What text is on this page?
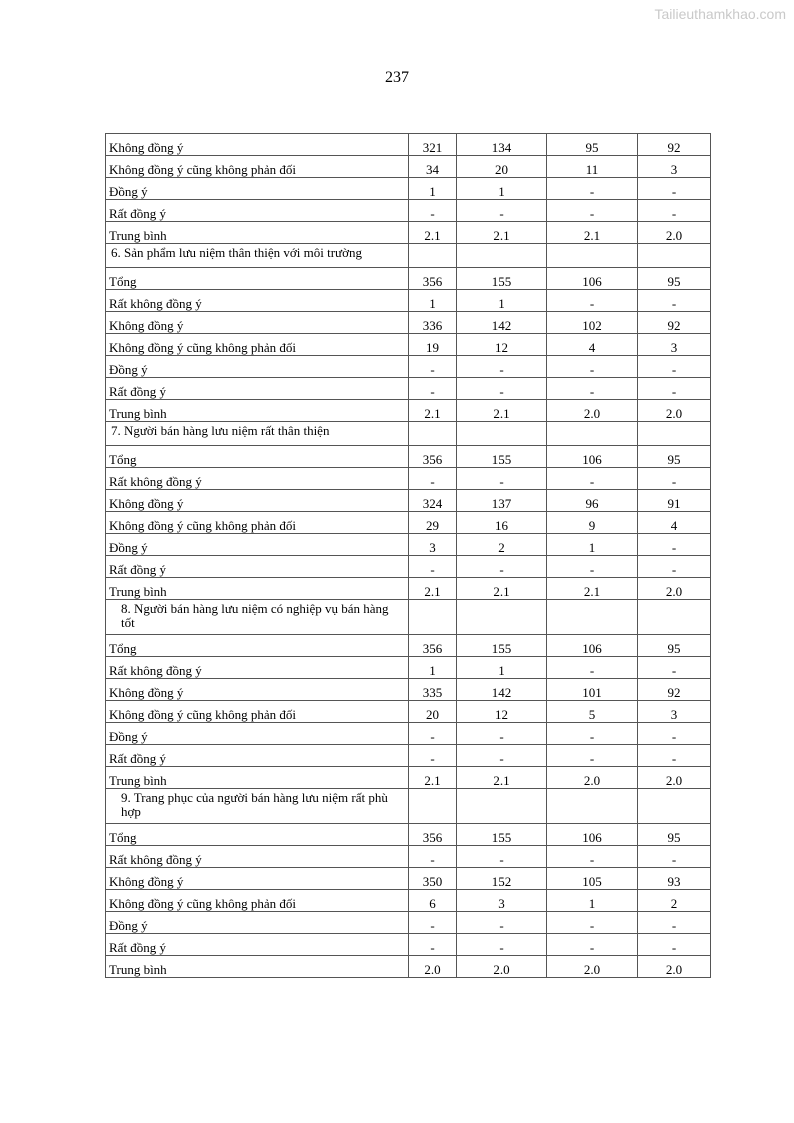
Tailieuthamkhao.com
237
Không đồng ý	321	134	95	92
Không đồng ý cũng không phản đối	34	20	11	3
Đồng ý	1	1	-	-
Rất đồng ý	-	-	-	-
Trung bình	2.1	2.1	2.1	2.0
6. Sản phẩm lưu niệm thân thiện với môi trường				
Tổng	356	155	106	95
Rất không đồng ý	1	1	-	-
Không đồng ý	336	142	102	92
Không đồng ý cũng không phản đối	19	12	4	3
Đồng ý	-	-	-	-
Rất đồng ý	-	-	-	-
Trung bình	2.1	2.1	2.0	2.0
7. Người bán hàng lưu niệm rất thân thiện				
Tổng	356	155	106	95
Rất không đồng ý	-	-	-	-
Không đồng ý	324	137	96	91
Không đồng ý cũng không phản đối	29	16	9	4
Đồng ý	3	2	1	-
Rất đồng ý	-	-	-	-
Trung bình	2.1	2.1	2.1	2.0
8. Người bán hàng lưu niệm có nghiệp vụ bán hàng tốt				
Tổng	356	155	106	95
Rất không đồng ý	1	1	-	-
Không đồng ý	335	142	101	92
Không đồng ý cũng không phản đối	20	12	5	3
Đồng ý	-	-	-	-
Rất đồng ý	-	-	-	-
Trung bình	2.1	2.1	2.0	2.0
9. Trang phục của người bán hàng lưu niệm rất phù hợp				
Tổng	356	155	106	95
Rất không đồng ý	-	-	-	-
Không đồng ý	350	152	105	93
Không đồng ý cũng không phản đối	6	3	1	2
Đồng ý	-	-	-	-
Rất đồng ý	-	-	-	-
Trung bình	2.0	2.0	2.0	2.0
